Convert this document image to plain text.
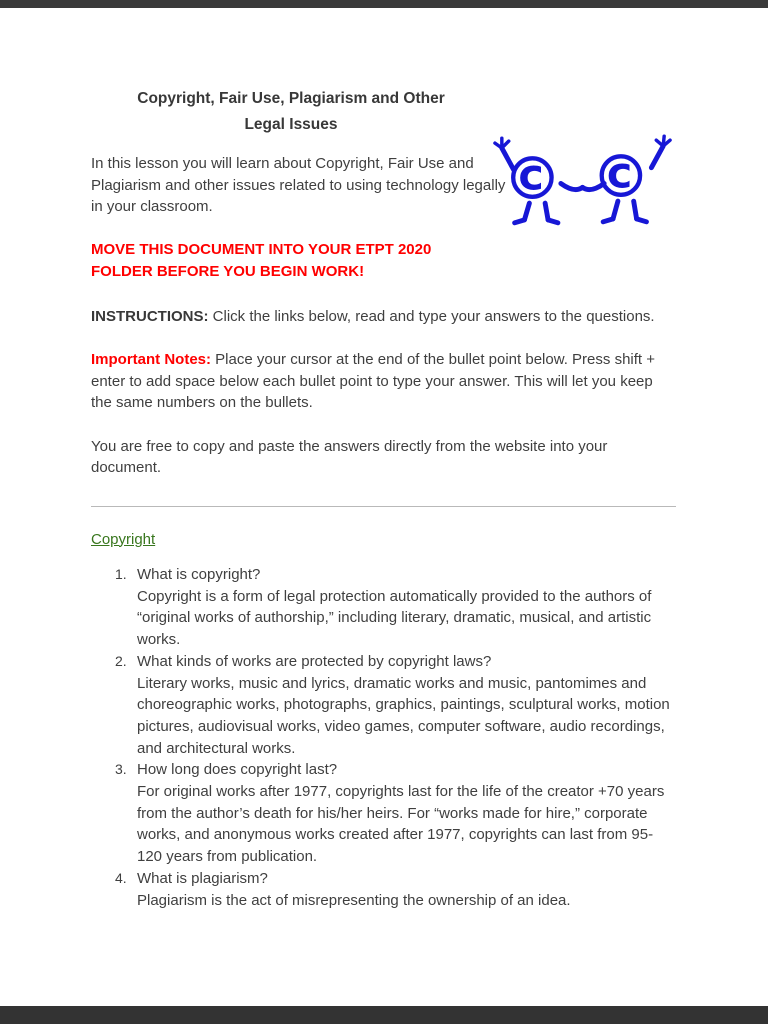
Copyright, Fair Use, Plagiarism and Other
Legal Issues
© ©

In this lesson you will learn about Copyright, Fair Use and Plagiarism and other issues related to using technology legally in your classroom.

MOVE THIS DOCUMENT INTO YOUR ETPT 2020
FOLDER BEFORE YOU BEGIN WORK!

INSTRUCTIONS: Click the links below, read and type your answers to the questions.

Important Notes: Place your cursor at the end of the bullet point below. Press shift + enter to add space below each bullet point to type your answer. This will let you keep the same numbers on the bullets.

You are free to copy and paste the answers directly from the website into your document.

Copyright
1. What is copyright?
Copyright is a form of legal protection automatically provided to the authors of “original works of authorship,” including literary, dramatic, musical, and artistic works.
2. What kinds of works are protected by copyright laws?
Literary works, music and lyrics, dramatic works and music, pantomimes and choreographic works, photographs, graphics, paintings, sculptural works, motion pictures, audiovisual works, video games, computer software, audio recordings, and architectural works.
3. How long does copyright last?
For original works after 1977, copyrights last for the life of the creator +70 years from the author’s death for his/her heirs. For “works made for hire,” corporate works, and anonymous works created after 1977, copyrights can last from 95-120 years from publication.
4. What is plagiarism?
Plagiarism is the act of misrepresenting the ownership of an idea.
